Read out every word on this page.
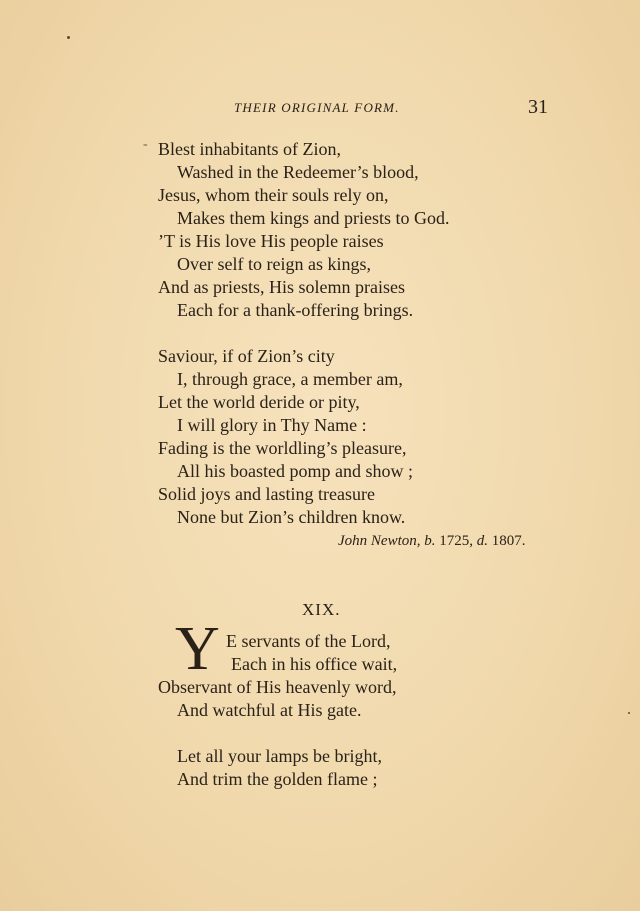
THEIR ORIGINAL FORM.	31
- Blest inhabitants of Zion,
Washed in the Redeemer’s blood,
Jesus, whom their souls rely on,
Makes them kings and priests to God.
’T is His love His people raises
Over self to reign as kings,
And as priests, His solemn praises
Each for a thank-offering brings.
Saviour, if of Zion’s city
I, through grace, a member am,
Let the world deride or pity,
I will glory in Thy Name :
Fading is the worldling’s pleasure,
All his boasted pomp and show ;
Solid joys and lasting treasure
None but Zion’s children know.
John Newton, b. 1725, d. 1807.
XIX.
Y E servants of the Lord,
Each in his office wait,
Observant of His heavenly word,
And watchful at His gate.
Let all your lamps be bright,
And trim the golden flame ;
